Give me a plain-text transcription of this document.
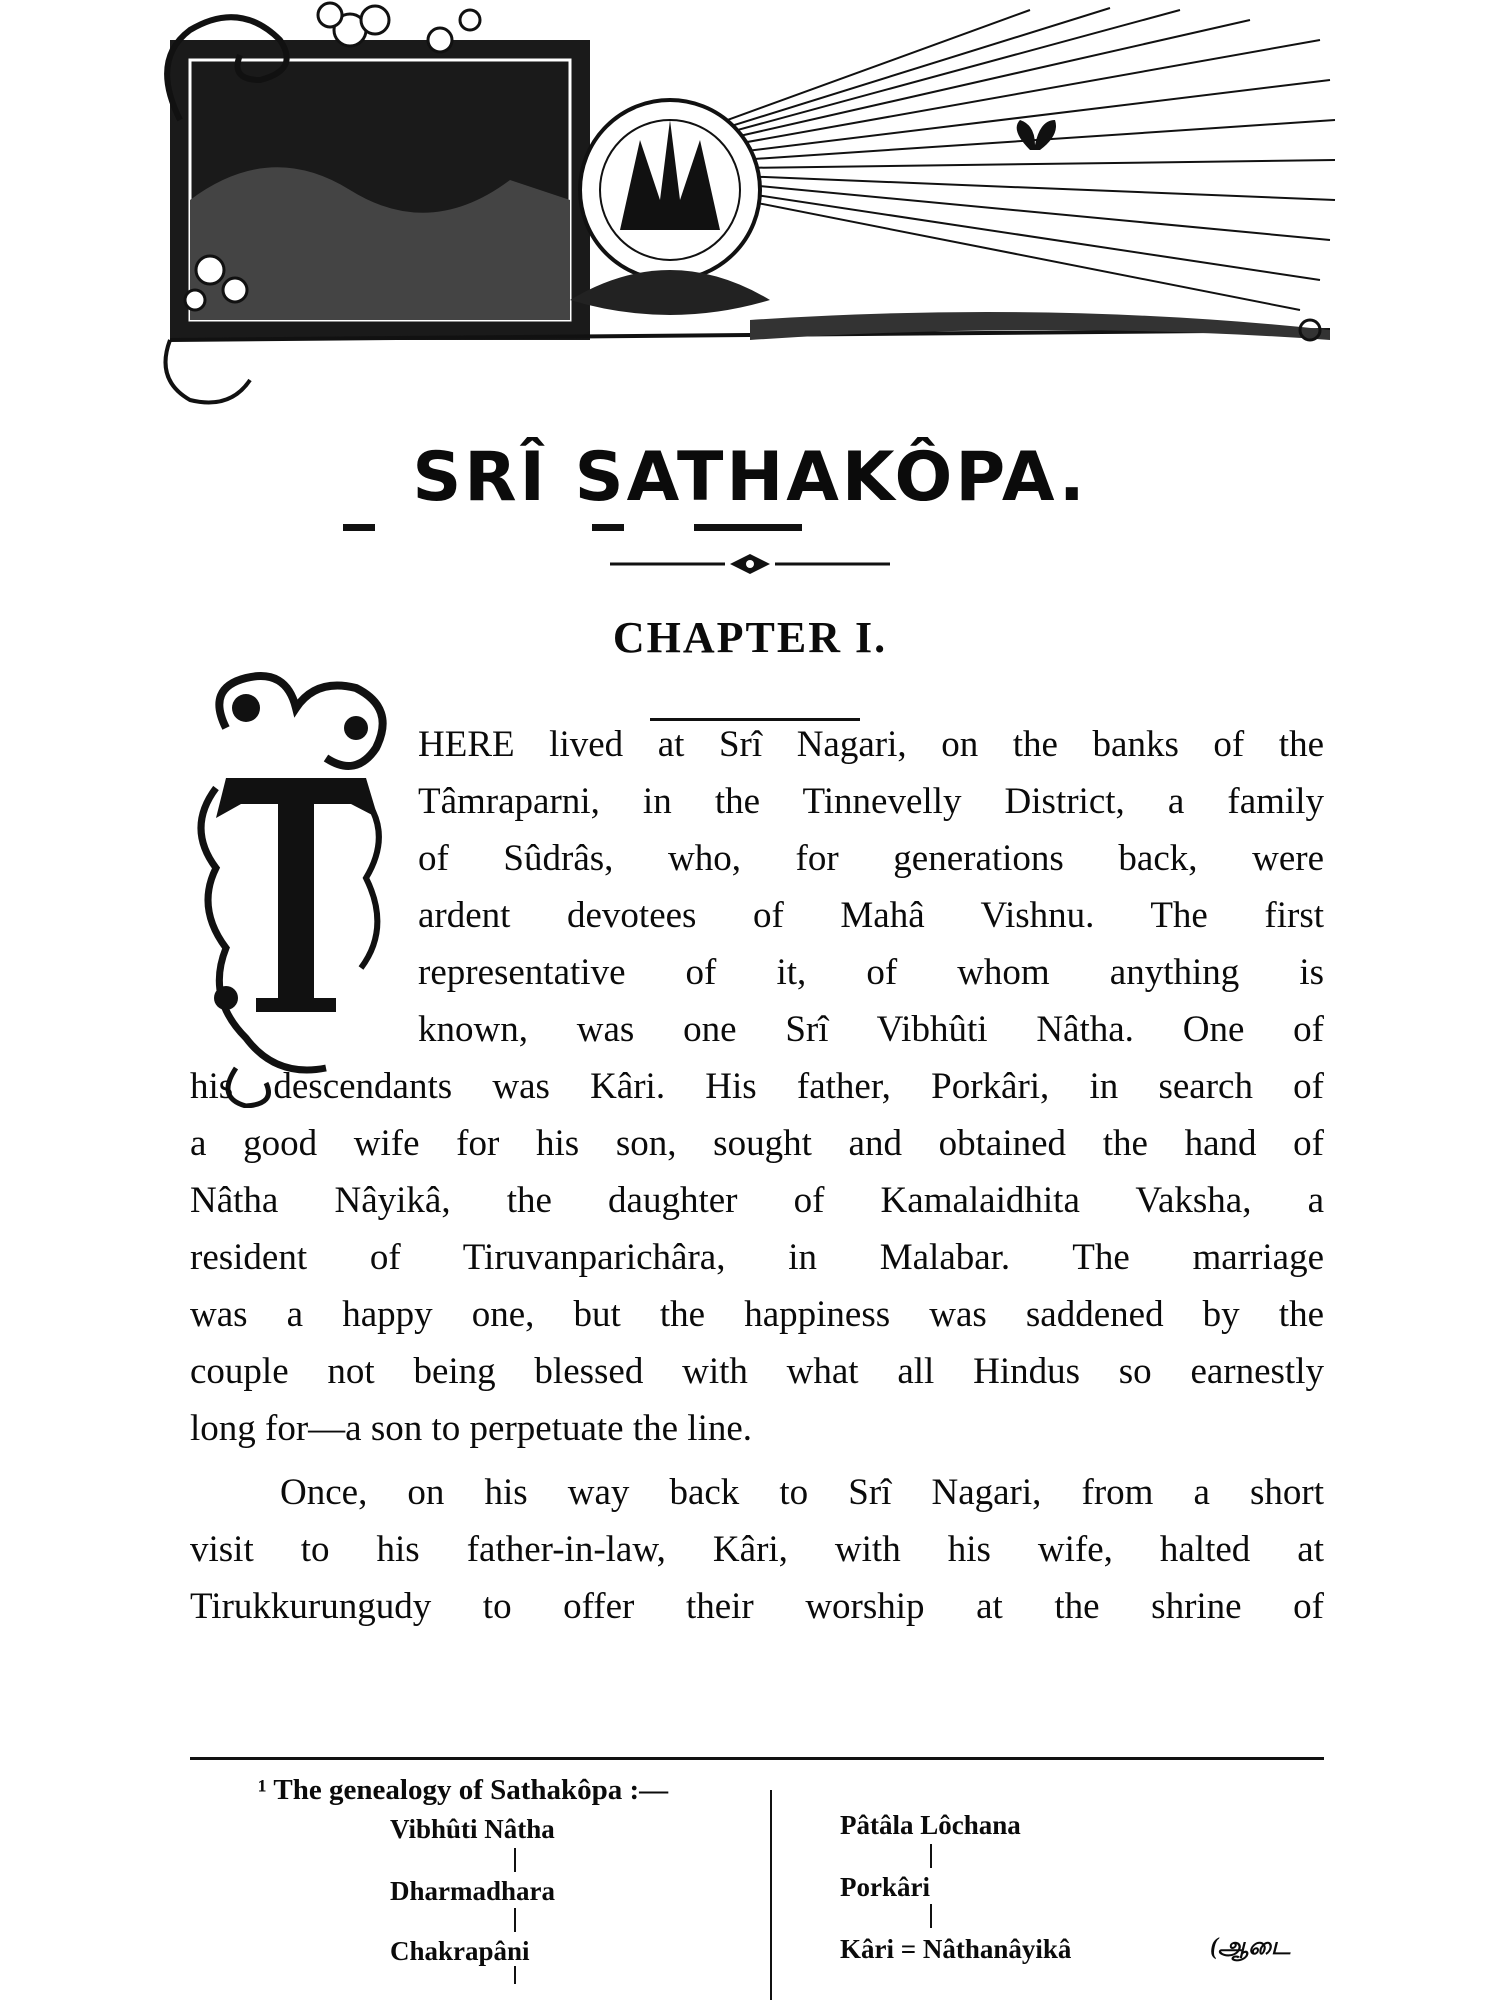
SRÎ SATHAKÔPA.
CHAPTER I.
HERE lived at Srî Nagari, on the banks of the
Tâmraparni, in the Tinnevelly District, a family
of Sûdrâs, who, for generations back, were
ardent devotees of Mahâ Vishnu. The first
representative of it, of whom anything is
known, was one Srî Vibhûti Nâtha. One of
his descendants was Kâri. His father, Porkâri, in search of
a good wife for his son, sought and obtained the hand of
Nâtha Nâyikâ, the daughter of Kamalaidhita Vaksha, a
resident of Tiruvanparichâra, in Malabar. The marriage
was a happy one, but the happiness was saddened by the
couple not being blessed with what all Hindus so earnestly
long for—a son to perpetuate the line.
Once, on his way back to Srî Nagari, from a short
visit to his father-in-law, Kâri, with his wife, halted at
Tirukkurungudy to offer their worship at the shrine of
¹ The genealogy of Sathakôpa :—
Vibhûti Nâtha
Dharmadhara
Chakrapâni
Pâtâla Lôchana
Porkâri
Kâri = Nâthanâyikâ	(ஆடை
